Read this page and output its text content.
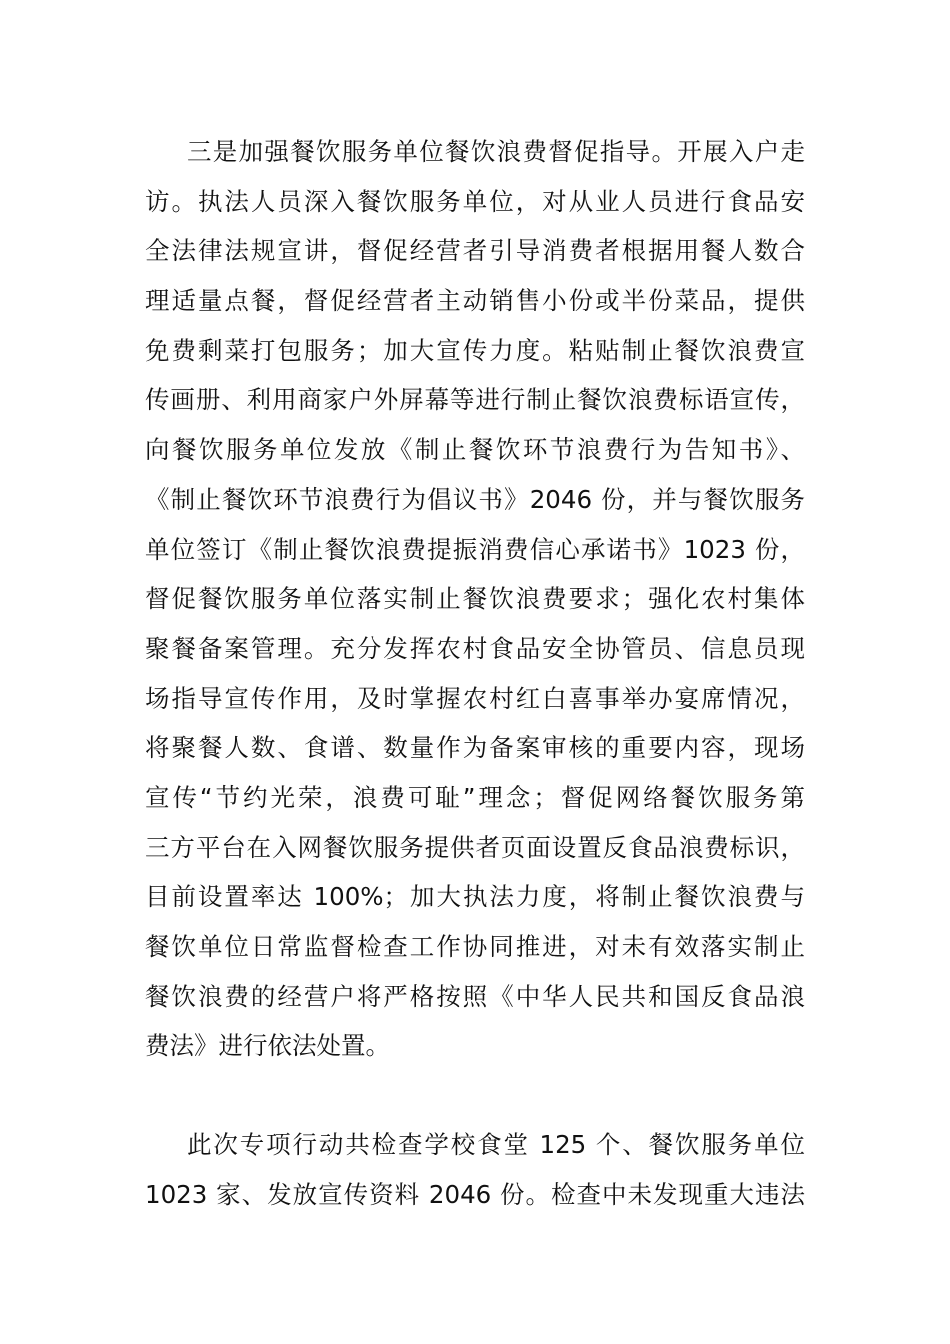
三是加强餐饮服务单位餐饮浪费督促指导。开展入户走
访。执法人员深入餐饮服务单位，对从业人员进行食品安
全法律法规宣讲，督促经营者引导消费者根据用餐人数合
理适量点餐，督促经营者主动销售小份或半份菜品，提供
免费剩菜打包服务；加大宣传力度。粘贴制止餐饮浪费宣
传画册、利用商家户外屏幕等进行制止餐饮浪费标语宣传，
向餐饮服务单位发放《制止餐饮环节浪费行为告知书》、
《制止餐饮环节浪费行为倡议书》2046 份，并与餐饮服务
单位签订《制止餐饮浪费提振消费信心承诺书》1023 份，
督促餐饮服务单位落实制止餐饮浪费要求；强化农村集体
聚餐备案管理。充分发挥农村食品安全协管员、信息员现
场指导宣传作用，及时掌握农村红白喜事举办宴席情况，
将聚餐人数、食谱、数量作为备案审核的重要内容，现场
宣传“节约光荣，浪费可耻”理念；督促网络餐饮服务第
三方平台在入网餐饮服务提供者页面设置反食品浪费标识，
目前设置率达 100%；加大执法力度，将制止餐饮浪费与
餐饮单位日常监督检查工作协同推进，对未有效落实制止
餐饮浪费的经营户将严格按照《中华人民共和国反食品浪
费法》进行依法处置。
此次专项行动共检查学校食堂 125 个、餐饮服务单位
1023 家、发放宣传资料 2046 份。检查中未发现重大违法
